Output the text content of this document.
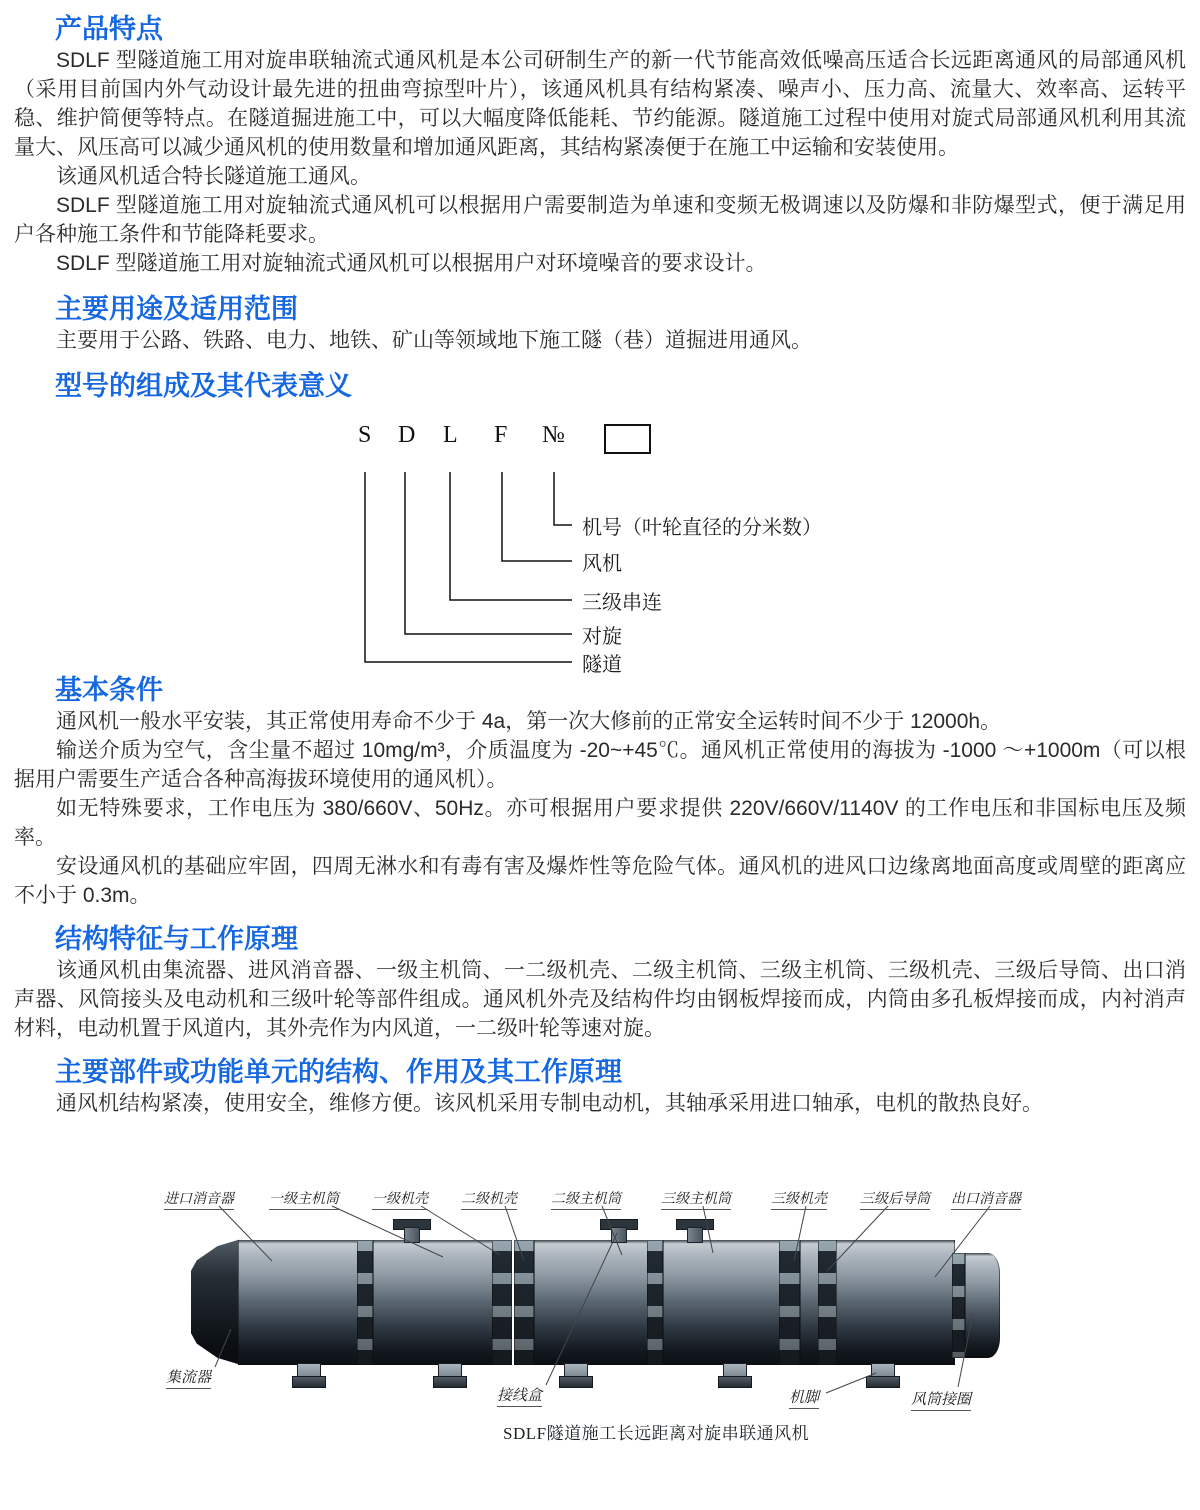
产品特点

SDLF 型隧道施工用对旋串联轴流式通风机是本公司研制生产的新一代节能高效低噪高压适合长远距离通风的局部通风机（采用目前国内外气动设计最先进的扭曲弯掠型叶片），该通风机具有结构紧凑、噪声小、压力高、流量大、效率高、运转平稳、维护简便等特点。在隧道掘进施工中，可以大幅度降低能耗、节约能源。隧道施工过程中使用对旋式局部通风机利用其流量大、风压高可以减少通风机的使用数量和增加通风距离，其结构紧凑便于在施工中运输和安装使用。

该通风机适合特长隧道施工通风。

SDLF 型隧道施工用对旋轴流式通风机可以根据用户需要制造为单速和变频无极调速以及防爆和非防爆型式，便于满足用户各种施工条件和节能降耗要求。

SDLF 型隧道施工用对旋轴流式通风机可以根据用户对环境噪音的要求设计。

主要用途及适用范围

主要用于公路、铁路、电力、地铁、矿山等领域地下施工隧（巷）道掘进用通风。

型号的组成及其代表意义
S D L F №
机号（叶轮直径的分米数）
风机
三级串连
对旋
隧道
基本条件

通风机一般水平安装，其正常使用寿命不少于 4a，第一次大修前的正常安全运转时间不少于 12000h。

输送介质为空气，含尘量不超过 10mg/m³，介质温度为 -20~+45℃。通风机正常使用的海拔为 -1000 ～+1000m（可以根据用户需要生产适合各种高海拔环境使用的通风机）。

如无特殊要求，工作电压为 380/660V、50Hz。亦可根据用户要求提供 220V/660V/1140V 的工作电压和非国标电压及频率。

安设通风机的基础应牢固，四周无淋水和有毒有害及爆炸性等危险气体。通风机的进风口边缘离地面高度或周壁的距离应不小于 0.3m。

结构特征与工作原理

该通风机由集流器、进风消音器、一级主机筒、一二级机壳、二级主机筒、三级主机筒、三级机壳、三级后导筒、出口消声器、风筒接头及电动机和三级叶轮等部件组成。通风机外壳及结构件均由钢板焊接而成，内筒由多孔板焊接而成，内衬消声材料，电动机置于风道内，其外壳作为内风道，一二级叶轮等速对旋。

主要部件或功能单元的结构、作用及其工作原理

通风机结构紧凑，使用安全，维修方便。该风机采用专制电动机，其轴承采用进口轴承，电机的散热良好。

进口消音器	一级主机筒 一级机壳 二级机壳 二级主机筒	三级主机筒	三级机壳 三级后导筒 出口消音器
集流器
接线盒	机脚	风筒接圈
SDLF隧道施工长远距离对旋串联通风机
